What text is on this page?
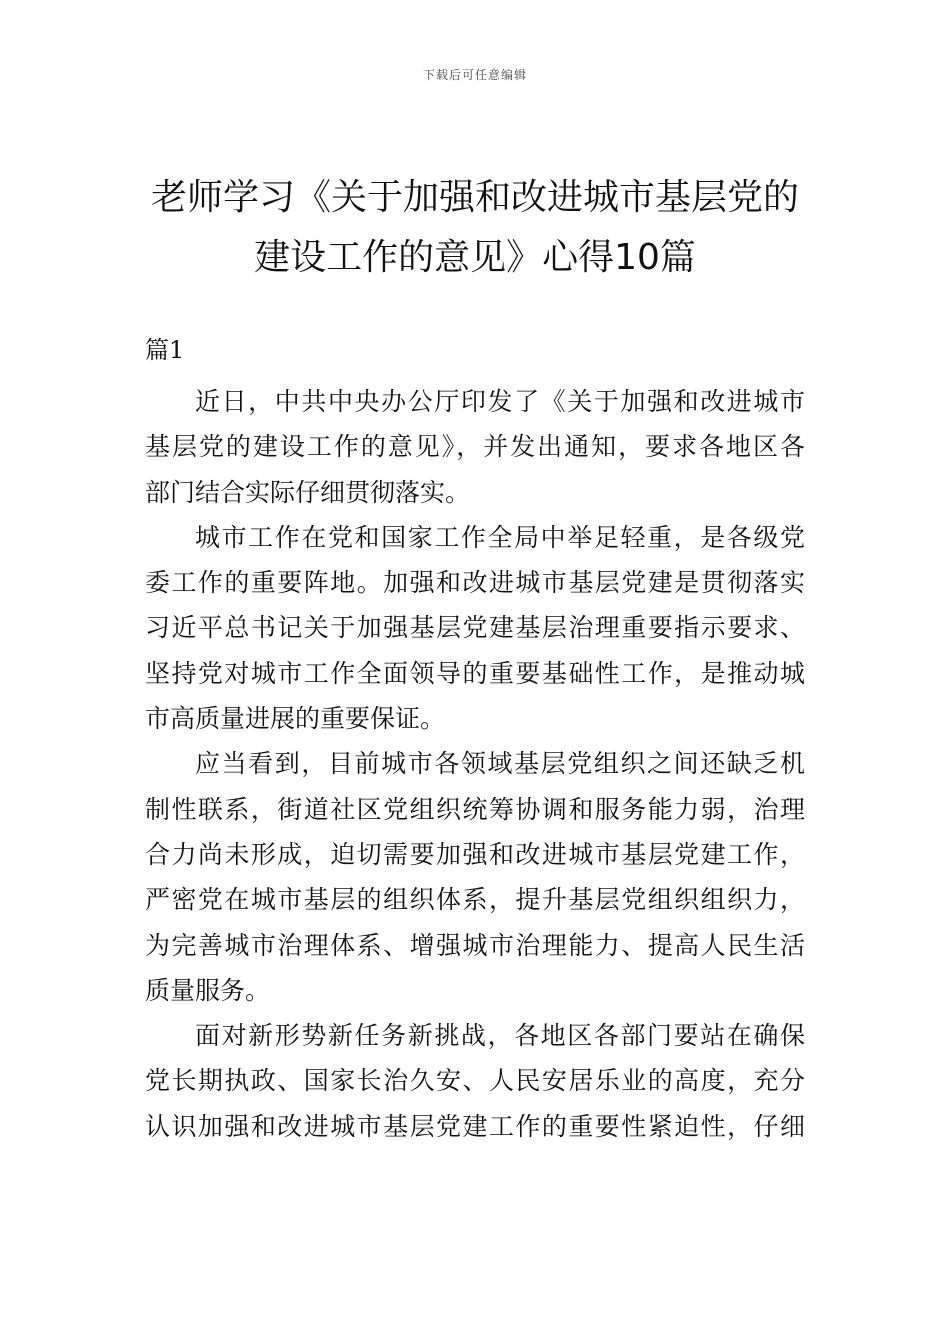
下载后可任意编辑
老师学习《关于加强和改进城市基层党的
建设工作的意见》心得10篇
篇1
近日，中共中央办公厅印发了《关于加强和改进城市
基层党的建设工作的意见》，并发出通知，要求各地区各
部门结合实际仔细贯彻落实。
城市工作在党和国家工作全局中举足轻重，是各级党
委工作的重要阵地。加强和改进城市基层党建是贯彻落实
习近平总书记关于加强基层党建基层治理重要指示要求、
坚持党对城市工作全面领导的重要基础性工作，是推动城
市高质量进展的重要保证。
应当看到，目前城市各领域基层党组织之间还缺乏机
制性联系，街道社区党组织统筹协调和服务能力弱，治理
合力尚未形成，迫切需要加强和改进城市基层党建工作，
严密党在城市基层的组织体系，提升基层党组织组织力，
为完善城市治理体系、增强城市治理能力、提高人民生活
质量服务。
面对新形势新任务新挑战，各地区各部门要站在确保
党长期执政、国家长治久安、人民安居乐业的高度，充分
认识加强和改进城市基层党建工作的重要性紧迫性，仔细
